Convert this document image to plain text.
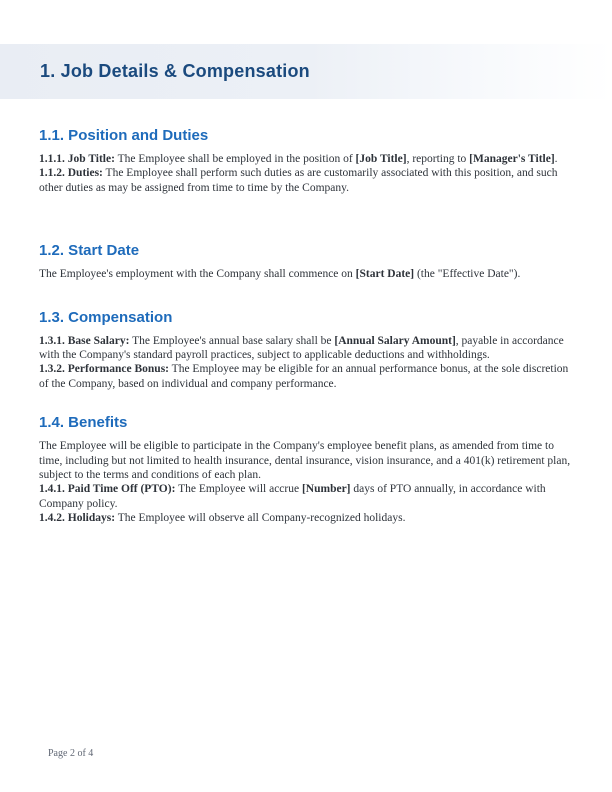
1. Job Details & Compensation
1.1. Position and Duties

1.1.1. Job Title: The Employee shall be employed in the position of [Job Title], reporting to [Manager's Title].

1.1.2. Duties: The Employee shall perform such duties as are customarily associated with this position, and such other duties as may be assigned from time to time by the Company.

1.2. Start Date

The Employee's employment with the Company shall commence on [Start Date] (the "Effective Date").

1.3. Compensation

1.3.1. Base Salary: The Employee's annual base salary shall be [Annual Salary Amount], payable in accordance with the Company's standard payroll practices, subject to applicable deductions and withholdings.

1.3.2. Performance Bonus: The Employee may be eligible for an annual performance bonus, at the sole discretion of the Company, based on individual and company performance.

1.4. Benefits

The Employee will be eligible to participate in the Company's employee benefit plans, as amended from time to time, including but not limited to health insurance, dental insurance, vision insurance, and a 401(k) retirement plan, subject to the terms and conditions of each plan.

1.4.1. Paid Time Off (PTO): The Employee will accrue [Number] days of PTO annually, in accordance with Company policy.

1.4.2. Holidays: The Employee will observe all Company-recognized holidays.

Page 2 of 4
